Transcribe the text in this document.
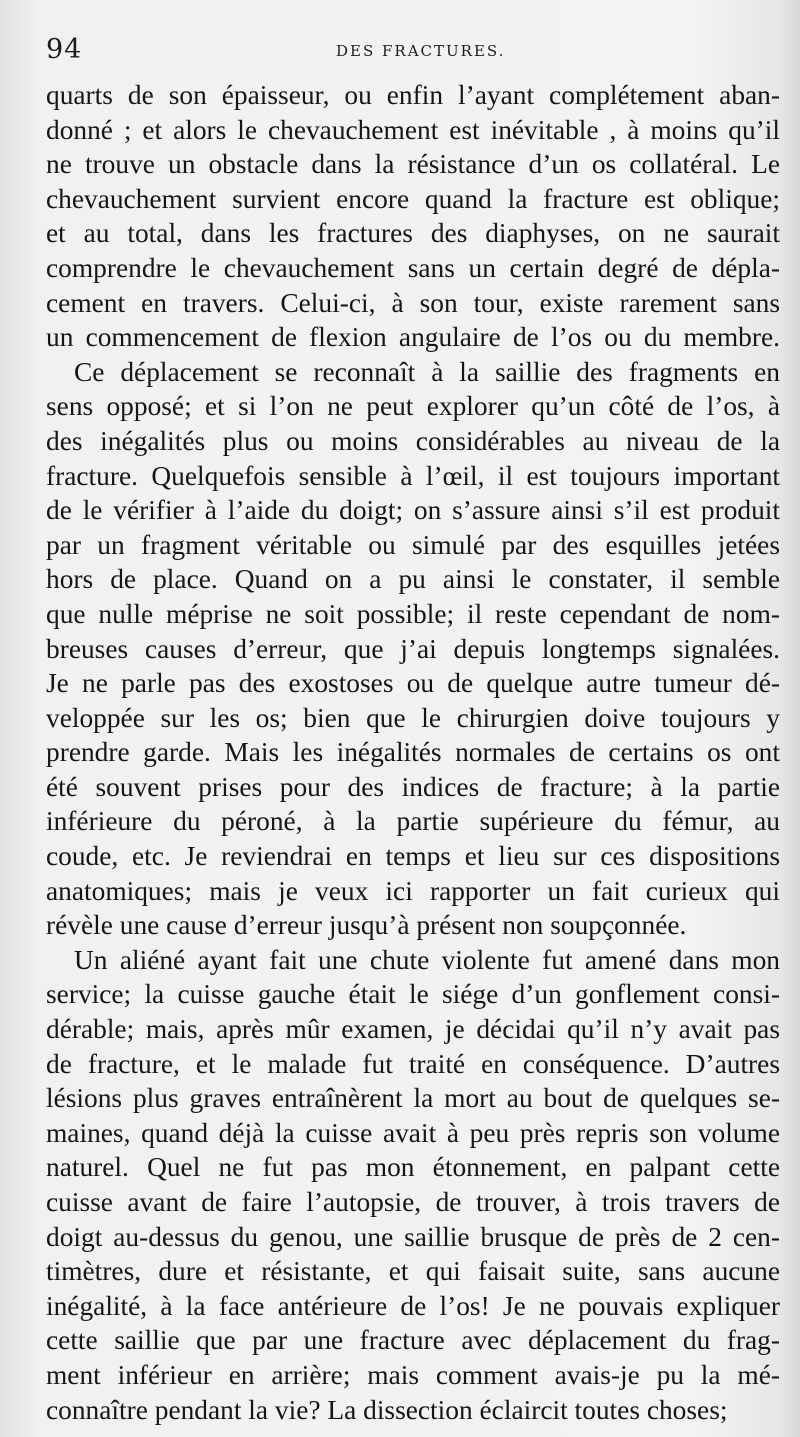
94	DES FRACTURES.

quarts de son épaisseur, ou enfin l’ayant complétement aban-
donné ; et alors le chevauchement est inévitable , à moins qu’il
ne trouve un obstacle dans la résistance d’un os collatéral. Le
chevauchement survient encore quand la fracture est oblique;
et au total, dans les fractures des diaphyses, on ne saurait
comprendre le chevauchement sans un certain degré de dépla-
cement en travers. Celui-ci, à son tour, existe rarement sans
un commencement de flexion angulaire de l’os ou du membre.

Ce déplacement se reconnaît à la saillie des fragments en
sens opposé; et si l’on ne peut explorer qu’un côté de l’os, à
des inégalités plus ou moins considérables au niveau de la
fracture. Quelquefois sensible à l’œil, il est toujours important
de le vérifier à l’aide du doigt; on s’assure ainsi s’il est produit
par un fragment véritable ou simulé par des esquilles jetées
hors de place. Quand on a pu ainsi le constater, il semble
que nulle méprise ne soit possible; il reste cependant de nom-
breuses causes d’erreur, que j’ai depuis longtemps signalées.
Je ne parle pas des exostoses ou de quelque autre tumeur dé-
veloppée sur les os; bien que le chirurgien doive toujours y
prendre garde. Mais les inégalités normales de certains os ont
été souvent prises pour des indices de fracture; à la partie
inférieure du péroné, à la partie supérieure du fémur, au
coude, etc. Je reviendrai en temps et lieu sur ces dispositions
anatomiques; mais je veux ici rapporter un fait curieux qui
révèle une cause d’erreur jusqu’à présent non soupçonnée.

Un aliéné ayant fait une chute violente fut amené dans mon
service; la cuisse gauche était le siége d’un gonflement consi-
dérable; mais, après mûr examen, je décidai qu’il n’y avait pas
de fracture, et le malade fut traité en conséquence. D’autres
lésions plus graves entraînèrent la mort au bout de quelques se-
maines, quand déjà la cuisse avait à peu près repris son volume
naturel. Quel ne fut pas mon étonnement, en palpant cette
cuisse avant de faire l’autopsie, de trouver, à trois travers de
doigt au-dessus du genou, une saillie brusque de près de 2 cen-
timètres, dure et résistante, et qui faisait suite, sans aucune
inégalité, à la face antérieure de l’os! Je ne pouvais expliquer
cette saillie que par une fracture avec déplacement du frag-
ment inférieur en arrière; mais comment avais-je pu la mé-
connaître pendant la vie? La dissection éclaircit toutes choses;
